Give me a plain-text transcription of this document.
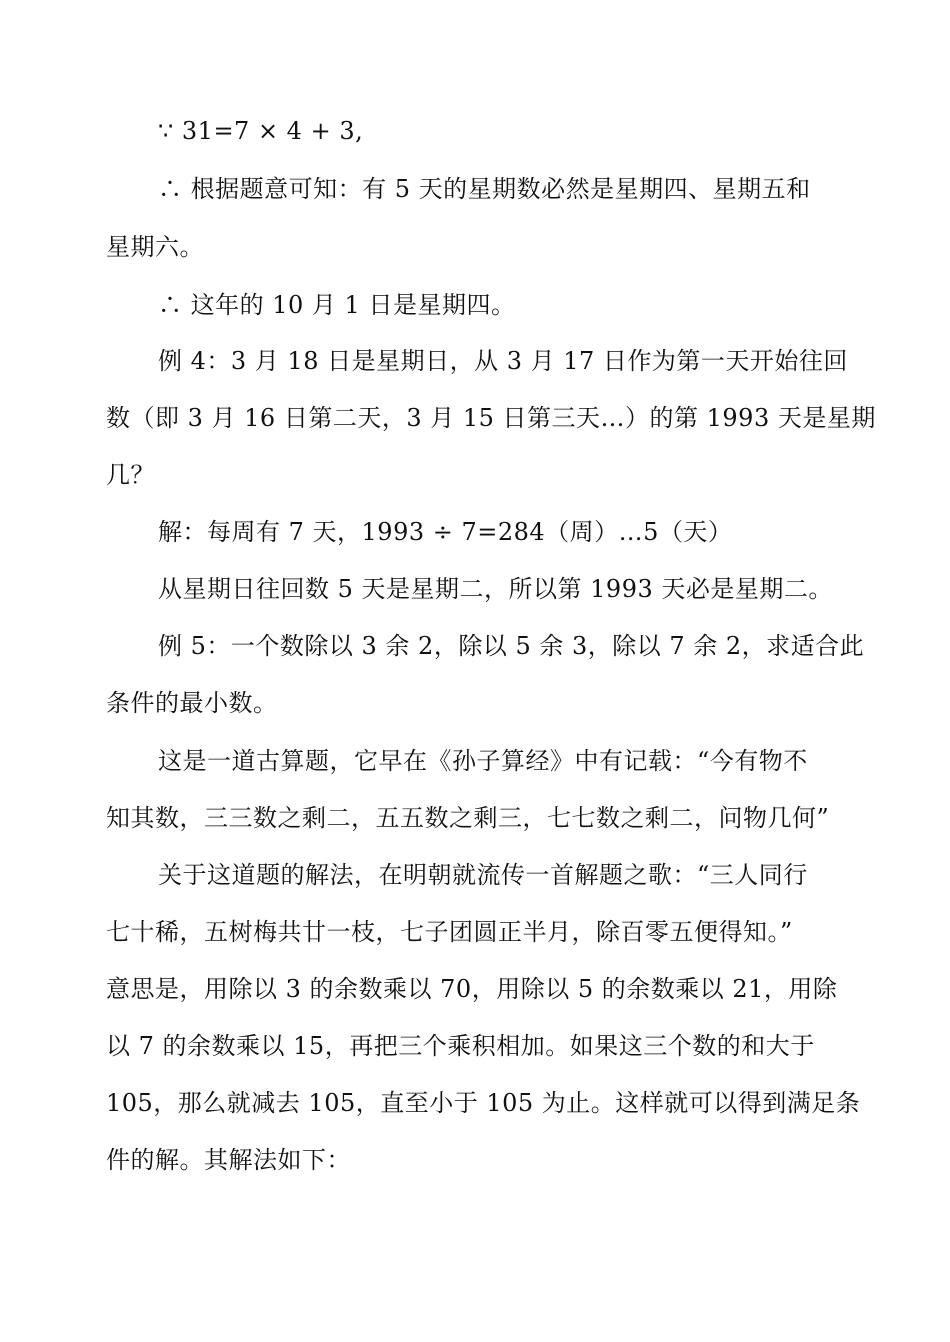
∵ 31=7 × 4 + 3,
∴ 根据题意可知：有 5 天的星期数必然是星期四、星期五和
星期六。
∴ 这年的 10 月 1 日是星期四。
例 4：3 月 18 日是星期日，从 3 月 17 日作为第一天开始往回
数（即 3 月 16 日第二天，3 月 15 日第三天…）的第 1993 天是星期
几？
解：每周有 7 天，1993 ÷ 7=284（周）…5（天）
从星期日往回数 5 天是星期二，所以第 1993 天必是星期二。
例 5：一个数除以 3 余 2，除以 5 余 3，除以 7 余 2，求适合此
条件的最小数。
这是一道古算题，它早在《孙子算经》中有记载：“今有物不
知其数，三三数之剩二，五五数之剩三，七七数之剩二，问物几何”
关于这道题的解法，在明朝就流传一首解题之歌：“三人同行
七十稀，五树梅共廿一枝，七子团圆正半月，除百零五便得知。”
意思是，用除以 3 的余数乘以 70，用除以 5 的余数乘以 21，用除
以 7 的余数乘以 15，再把三个乘积相加。如果这三个数的和大于
105，那么就减去 105，直至小于 105 为止。这样就可以得到满足条
件的解。其解法如下：
